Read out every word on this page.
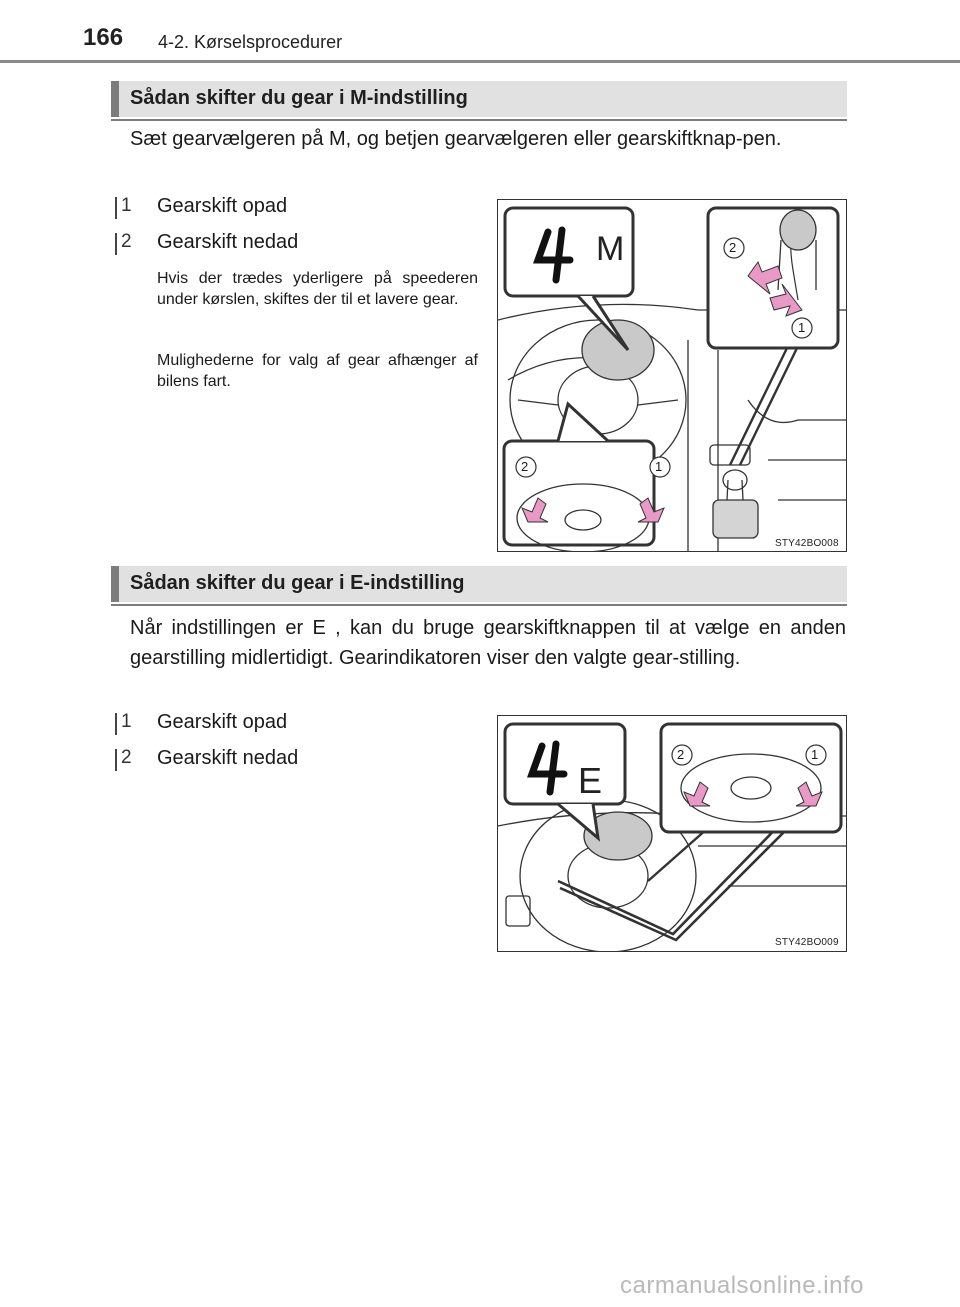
166 4-2. Kørselsprocedurer
Sådan skifter du gear i M-indstilling
Sæt gearvælgeren på M, og betjen gearvælgeren eller gearskiftknap-pen.
1 Gearskift opad
2 Gearskift nedad
Hvis der trædes yderligere på speederen under kørslen, skiftes der til et lavere gear.
Mulighederne for valg af gear afhænger af bilens fart.
M	2
1
2	1
STY42BO008
Sådan skifter du gear i E-indstilling
Når indstillingen er E , kan du bruge gearskiftknappen til at vælge en anden gearstilling midlertidigt. Gearindikatoren viser den valgte gear-stilling.
1 Gearskift opad
2 Gearskift nedad
E
2	1
STY42BO009
carmanualsonline.info
